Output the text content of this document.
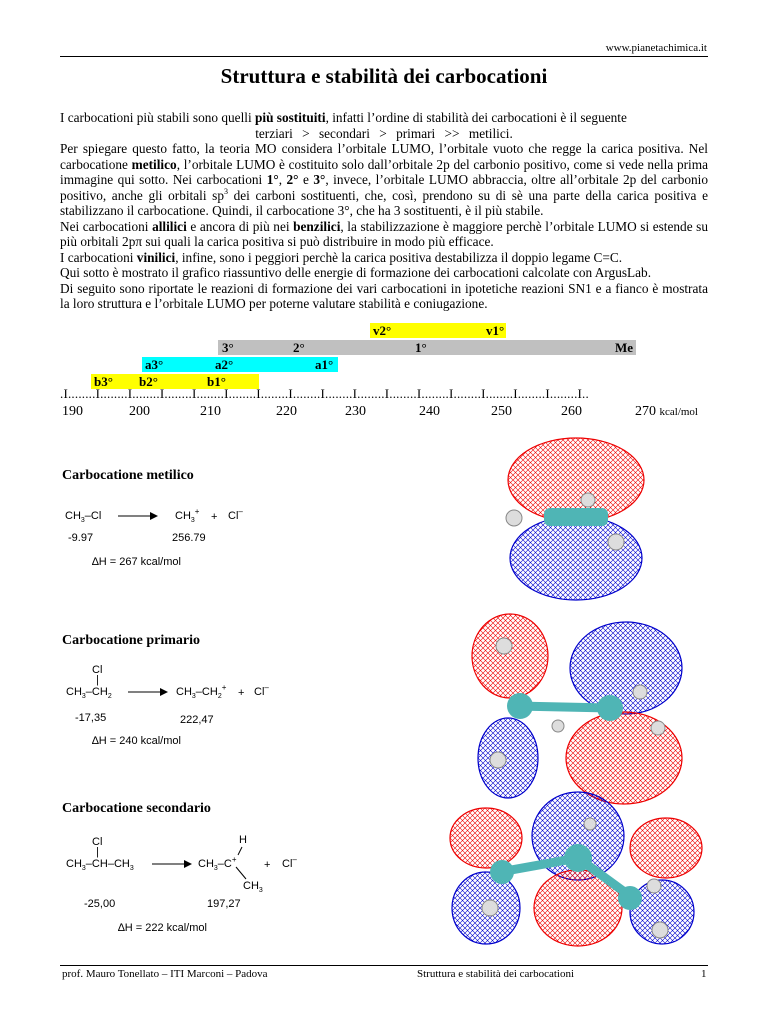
www.pianetachimica.it
Struttura e stabilità dei carbocationi

I carbocationi più stabili sono quelli più sostituiti, infatti l’ordine di stabilità dei carbocationi è il seguente

terziari > secondari > primari >> metilici.

Per spiegare questo fatto, la teoria MO considera l’orbitale LUMO, l’orbitale vuoto che regge la carica positiva. Nel carbocatione metilico, l’orbitale LUMO è costituito solo dall’orbitale 2p del carbonio positivo, come si vede nella prima immagine qui sotto. Nei carbocationi 1°, 2° e 3°, invece, l’orbitale LUMO abbraccia, oltre all’orbitale 2p del carbonio positivo, anche gli orbitali $sp^3$ dei carboni sostituenti, che, così, prendono su di sè una parte della carica positiva e stabilizzano il carbocatione. Quindi, il carbocatione 3°, che ha 3 sostituenti, è il più stabile.

Nei carbocationi allilici e ancora di più nei benzilici, la stabilizzazione è maggiore perchè l’orbitale LUMO si estende su più orbitali 2pπ sui quali la carica positiva si può distribuire in modo più efficace.

I carbocationi vinilici, infine, sono i peggiori perchè la carica positiva destabilizza il doppio legame C=C.

Qui sotto è mostrato il grafico riassuntivo delle energie di formazione dei carbocationi calcolate con ArgusLab.

Di seguito sono riportate le reazioni di formazione dei vari carbocationi in ipotetiche reazioni SN1 e a fianco è mostrata la loro struttura e l’orbitale LUMO per poterne valutare stabilità e coniugazione.

v2°	v1°
3°	2°	1°	Me
a3°	a2°	a1°
b3° b2°	b1°
.I........I........I........I........I........I........I........I........I........I........I........I........I........I........I........I........I..
190	200	210	220	230	240	250	260	270 kcal/mol
Carbocatione metilico
$CH_3-Cl \to CH_3^+ + Cl^-$
-9.97	256.79
∆H = 267 kcal/mol
Carbocatione primario
Cl
|
$CH_3-CH_2 \to CH_3-CH_2^+ + Cl^-$
-17,35	222,47
∆H = 240 kcal/mol
Carbocatione secondario
Cl
|
$CH_3-CH-CH_3$ →
H
$CH_3-C^+$
$CH_3$
+ Cl–
-25,00	197,27
∆H = 222 kcal/mol
prof. Mauro Tonellato – ITI Marconi – Padova	Struttura e stabilità dei carbocationi	1
